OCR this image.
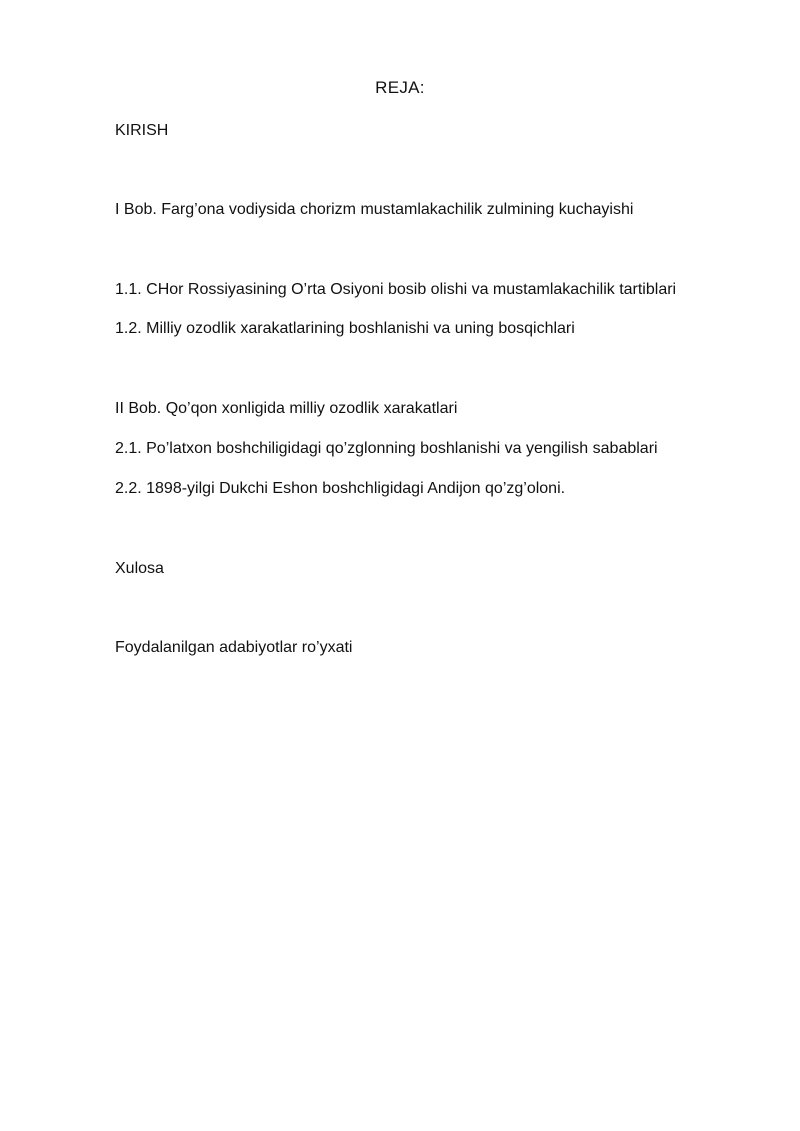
REJA:

KIRISH

I Bob. Farg’ona vodiysida chorizm mustamlakachilik zulmining kuchayishi

1.1. CHor Rossiyasining O’rta Osiyoni bosib olishi va mustamlakachilik tartiblari

1.2. Milliy ozodlik xarakatlarining boshlanishi va uning bosqichlari

II Bob. Qo’qon xonligida milliy ozodlik xarakatlari

2.1. Po’latxon boshchiligidagi qo’zglonning boshlanishi va yengilish sabablari

2.2. 1898-yilgi Dukchi Eshon boshchligidagi Andijon qo’zg’oloni.

Xulosa

Foydalanilgan adabiyotlar ro’yxati
